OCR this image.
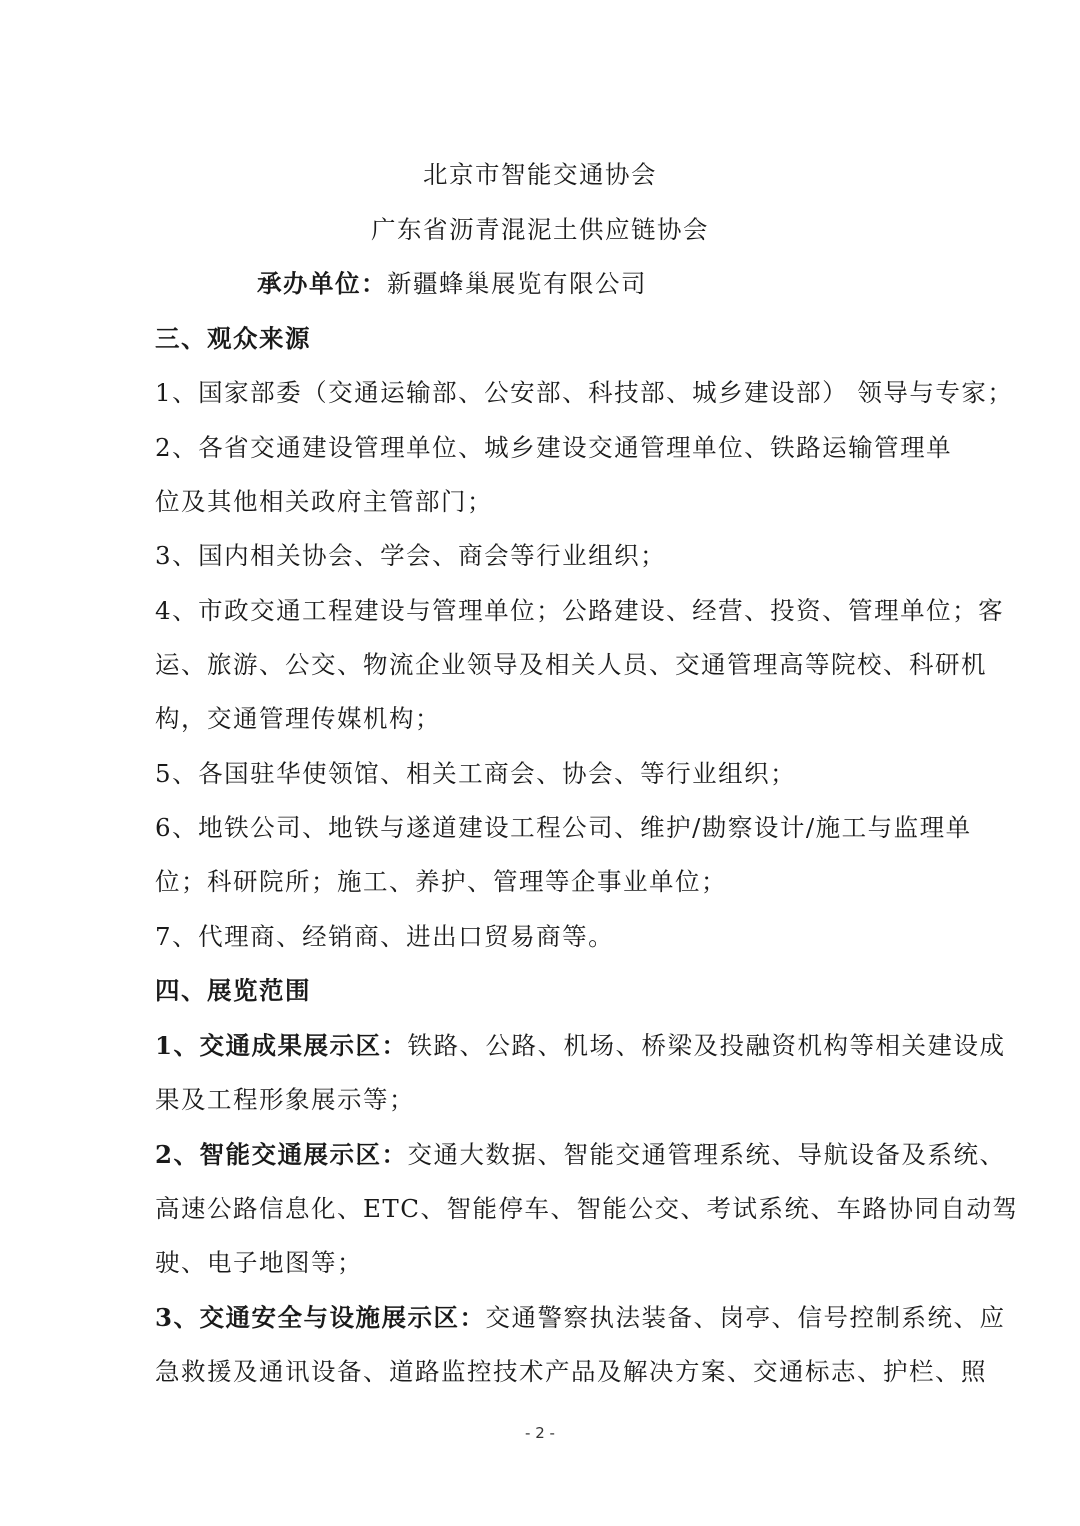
北京市智能交通协会
广东省沥青混泥土供应链协会
承办单位：新疆蜂巢展览有限公司
三、观众来源
1、国家部委（交通运输部、公安部、科技部、城乡建设部） 领导与专家；
2、各省交通建设管理单位、城乡建设交通管理单位、铁路运输管理单
位及其他相关政府主管部门；
3、国内相关协会、学会、商会等行业组织；
4、市政交通工程建设与管理单位；公路建设、经营、投资、管理单位；客
运、旅游、公交、物流企业领导及相关人员、交通管理高等院校、科研机
构，交通管理传媒机构；
5、各国驻华使领馆、相关工商会、协会、等行业组织；
6、地铁公司、地铁与遂道建设工程公司、维护/勘察设计/施工与监理单
位；科研院所；施工、养护、管理等企事业单位；
7、代理商、经销商、进出口贸易商等。
四、展览范围
1、交通成果展示区：铁路、公路、机场、桥梁及投融资机构等相关建设成
果及工程形象展示等；
2、智能交通展示区：交通大数据、智能交通管理系统、导航设备及系统、
高速公路信息化、ETC、智能停车、智能公交、考试系统、车路协同自动驾
驶、电子地图等；
3、交通安全与设施展示区：交通警察执法装备、岗亭、信号控制系统、应
急救援及通讯设备、道路监控技术产品及解决方案、交通标志、护栏、照
- 2 -
